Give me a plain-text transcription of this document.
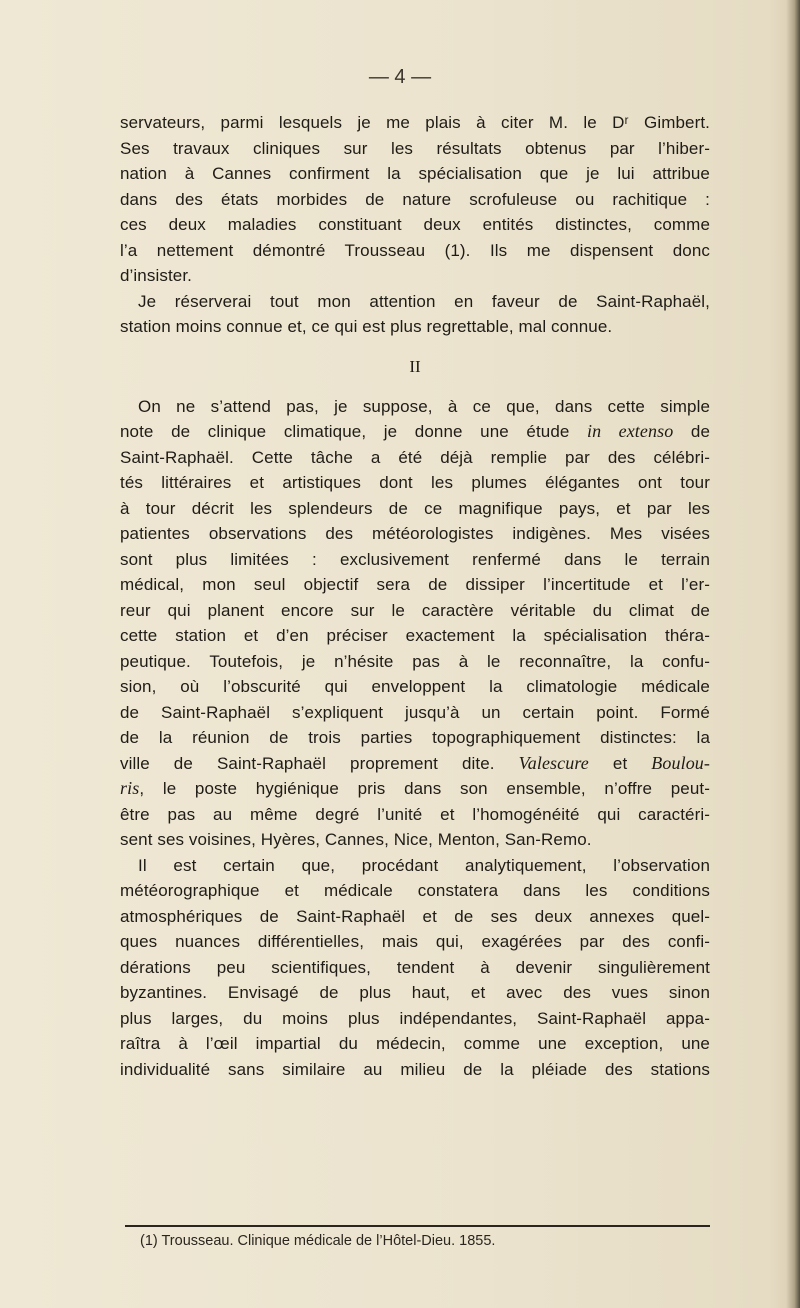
— 4 —
servateurs, parmi lesquels je me plais à citer M. le Dʳ Gimbert.
Ses travaux cliniques sur les résultats obtenus par l’hiber-
nation à Cannes confirment la spécialisation que je lui attribue
dans des états morbides de nature scrofuleuse ou rachitique :
ces deux maladies constituant deux entités distinctes, comme
l’a nettement démontré Trousseau (1). Ils me dispensent donc
d’insister.
Je réserverai tout mon attention en faveur de Saint-Raphaël,
station moins connue et, ce qui est plus regrettable, mal connue.
II
On ne s’attend pas, je suppose, à ce que, dans cette simple
note de clinique climatique, je donne une étude in extenso de
Saint-Raphaël. Cette tâche a été déjà remplie par des célébri-
tés littéraires et artistiques dont les plumes élégantes ont tour
à tour décrit les splendeurs de ce magnifique pays, et par les
patientes observations des météorologistes indigènes. Mes visées
sont plus limitées : exclusivement renfermé dans le terrain
médical, mon seul objectif sera de dissiper l’incertitude et l’er-
reur qui planent encore sur le caractère véritable du climat de
cette station et d’en préciser exactement la spécialisation théra-
peutique. Toutefois, je n’hésite pas à le reconnaître, la confu-
sion, où l’obscurité qui enveloppent la climatologie médicale
de Saint-Raphaël s’expliquent jusqu’à un certain point. Formé
de la réunion de trois parties topographiquement distinctes: la
ville de Saint-Raphaël proprement dite. Valescure et Boulou-
ris, le poste hygiénique pris dans son ensemble, n’offre peut-
être pas au même degré l’unité et l’homogénéité qui caractéri-
sent ses voisines, Hyères, Cannes, Nice, Menton, San-Remo.
Il est certain que, procédant analytiquement, l’observation
météorographique et médicale constatera dans les conditions
atmosphériques de Saint-Raphaël et de ses deux annexes quel-
ques nuances différentielles, mais qui, exagérées par des confi-
dérations peu scientifiques, tendent à devenir singulièrement
byzantines. Envisagé de plus haut, et avec des vues sinon
plus larges, du moins plus indépendantes, Saint-Raphaël appa-
raîtra à l’œil impartial du médecin, comme une exception, une
individualité sans similaire au milieu de la pléiade des stations
(1) Trousseau. Clinique médicale de l’Hôtel-Dieu. 1855.
